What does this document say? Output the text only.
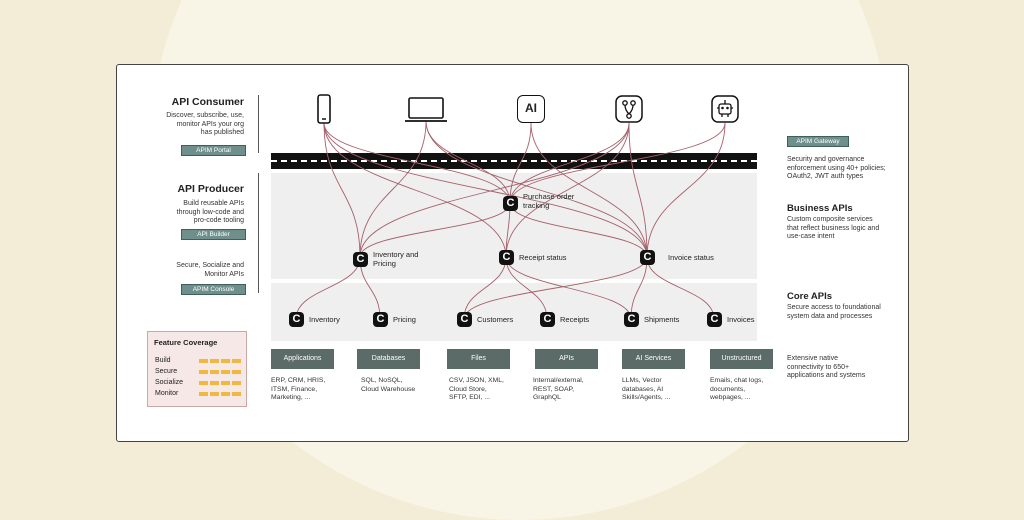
API Consumer
Discover, subscribe, use,
monitor APIs your org
has published
APIM Portal
API Producer
Build reusable APIs
through low-code and
pro-code tooling
API Builder
Secure, Socialize and
Monitor APIs
APIM Console
Feature Coverage
Build
Secure
Socialize
Monitor
AI
C
Purchase order
tracking
C	Inventory and
Pricing
C	Receipt status	C	Invoice status
C	Inventory	C	Pricing	C	Customers	C	Receipts	C	Shipments	C	Invoices
Applications
ERP, CRM, HRIS,
ITSM, Finance,
Marketing, ...
Databases
SQL, NoSQL,
Cloud Warehouse
Files
CSV, JSON, XML,
Cloud Store,
SFTP, EDI, ...
APIs
Internal/external,
REST, SOAP,
GraphQL
AI Services
LLMs, Vector
databases, AI
Skills/Agents, ...
Unstructured
Emails, chat logs,
documents,
webpages, ...
APIM Gateway
Security and governance
enforcement using 40+ policies;
OAuth2, JWT auth types
Business APIs
Custom composite services
that reflect business logic and
use-case intent
Core APIs
Secure access to foundational
system data and processes
Extensive native
connectivity to 650+
applications and systems
